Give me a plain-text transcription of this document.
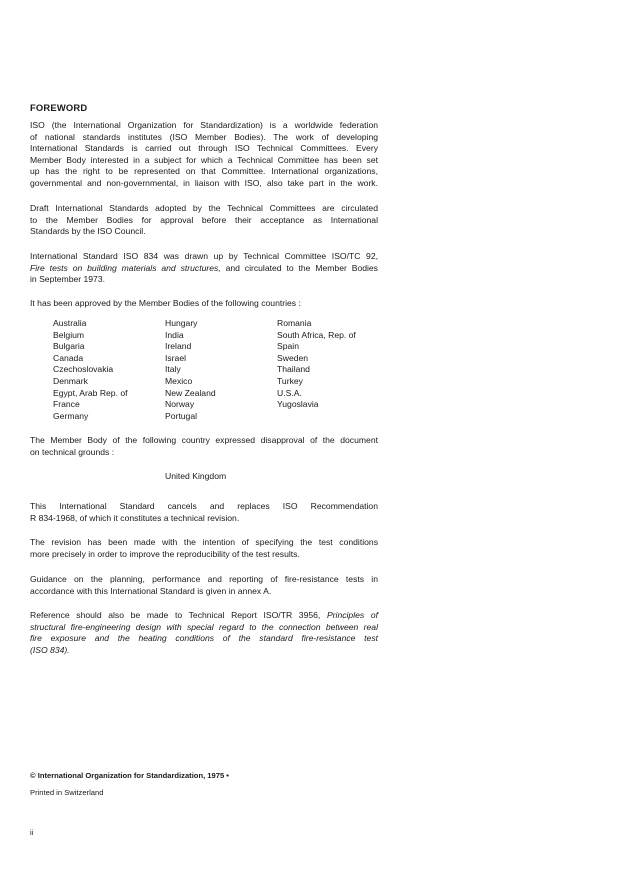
FOREWORD
ISO (the International Organization for Standardization) is a worldwide federation
of national standards institutes (ISO Member Bodies). The work of developing
International Standards is carried out through ISO Technical Committees. Every
Member Body interested in a subject for which a Technical Committee has been set
up has the right to be represented on that Committee. International organizations,
governmental and non-governmental, in liaison with ISO, also take part in the work.
Draft International Standards adopted by the Technical Committees are circulated
to the Member Bodies for approval before their acceptance as International
Standards by the ISO Council.
International Standard ISO 834 was drawn up by Technical Committee ISO/TC 92,
Fire tests on building materials and structures, and circulated to the Member Bodies
in September 1973.
It has been approved by the Member Bodies of the following countries :
Australia
Belgium
Bulgaria
Canada
Czechoslovakia
Denmark
Egypt, Arab Rep. of
France
Germany
Hungary
India
Ireland
Israel
Italy
Mexico
New Zealand
Norway
Portugal
Romania
South Africa, Rep. of
Spain
Sweden
Thailand
Turkey
U.S.A.
Yugoslavia
The Member Body of the following country expressed disapproval of the document
on technical grounds :
United Kingdom
This International Standard cancels and replaces ISO Recommendation
R 834-1968, of which it constitutes a technical revision.
The revision has been made with the intention of specifying the test conditions
more precisely in order to improve the reproducibility of the test results.
Guidance on the planning, performance and reporting of fire-resistance tests in
accordance with this International Standard is given in annex A.
Reference should also be made to Technical Report ISO/TR 3956, Principles of
structural fire-engineering design with special regard to the connection between real
fire exposure and the heating conditions of the standard fire-resistance test
(ISO 834).
© International Organization for Standardization, 1975 •
Printed in Switzerland
ii
